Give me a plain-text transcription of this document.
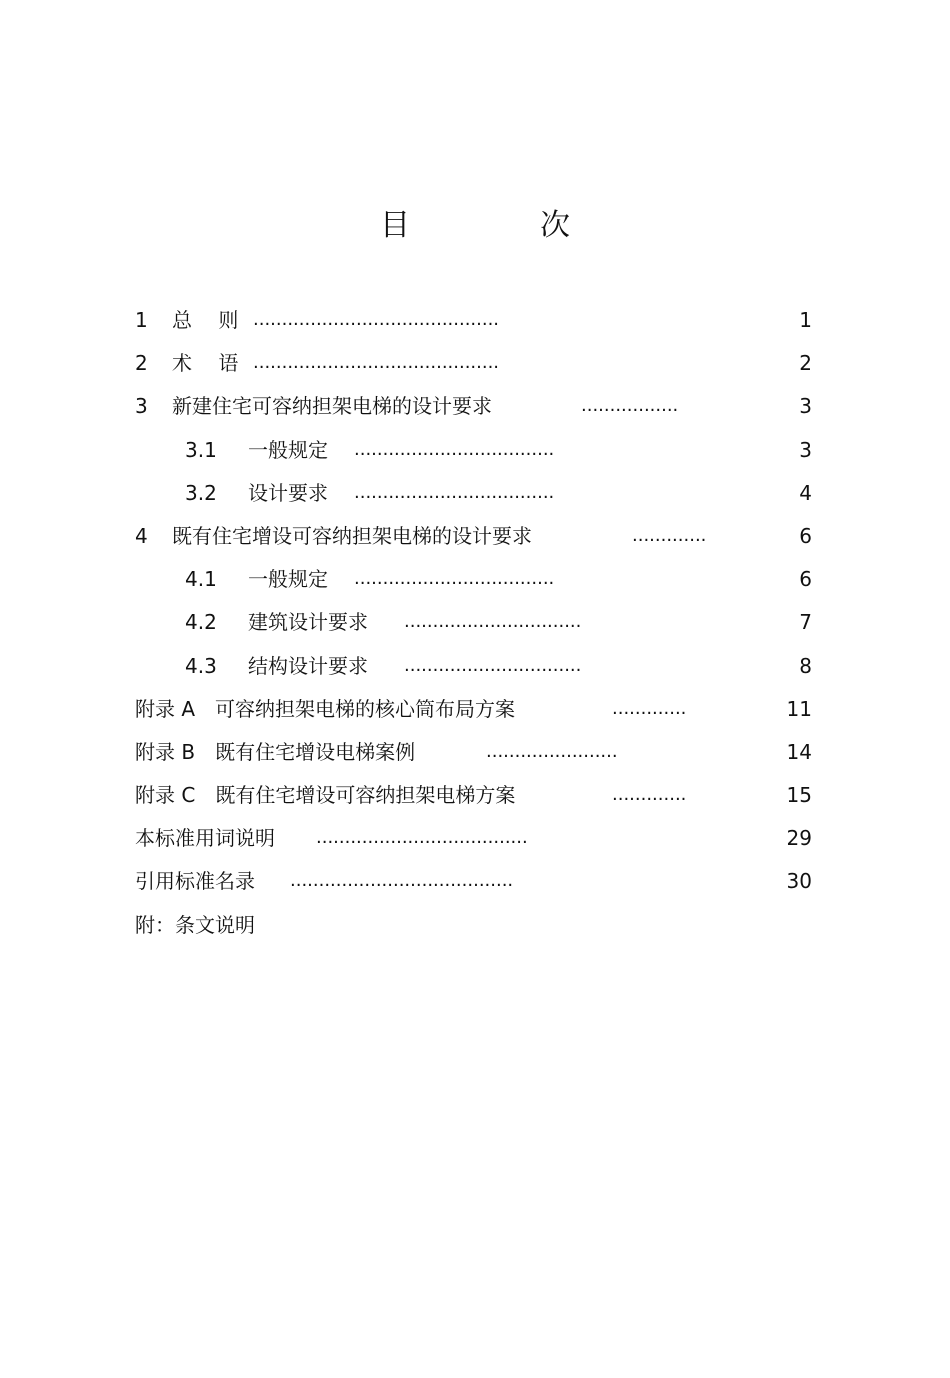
目　次
1 总　 则 ...........................................	1
2 术　 语 ...........................................	2
3 新建住宅可容纳担架电梯的设计要求	.................	3
3.1 一般规定 ...................................	3
3.2 设计要求 ...................................	4
4 既有住宅增设可容纳担架电梯的设计要求	.............	6
4.1 一般规定 ...................................	6
4.2 建筑设计要求 ...............................	7
4.3 结构设计要求 ...............................	8
附录 A　可容纳担架电梯的核心筒布局方案	.............	11
附录 B　既有住宅增设电梯案例	.......................	14
附录 C　既有住宅增设可容纳担架电梯方案	.............	15
本标准用词说明 .....................................	29
引用标准名录 .......................................	30
附：条文说明
